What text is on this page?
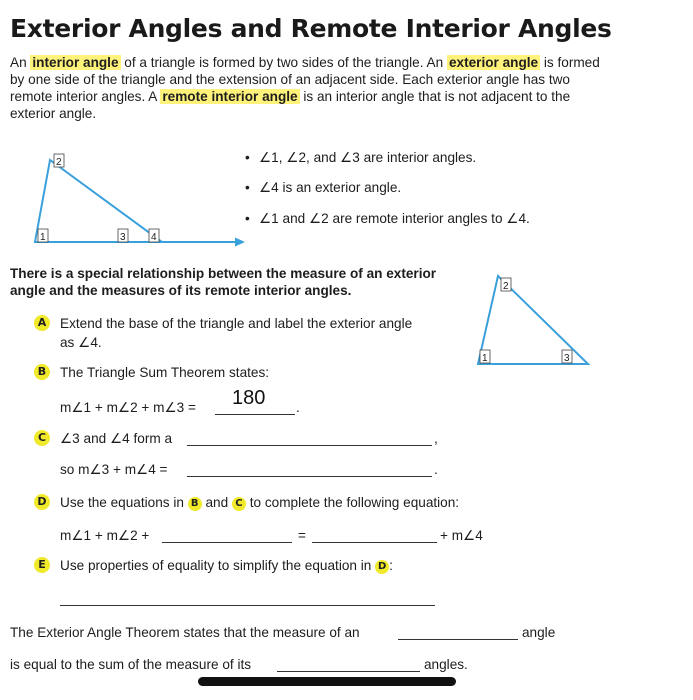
Exterior Angles and Remote Interior Angles

An interior angle of a triangle is formed by two sides of the triangle. An exterior angle is formed by one side of the triangle and the extension of an adjacent side. Each exterior angle has two remote interior angles. A remote interior angle is an interior angle that is not adjacent to the exterior angle.

2
1	3	4
• ∠1, ∠2, and ∠3 are interior angles.
• ∠4 is an exterior angle.
• ∠1 and ∠2 are remote interior angles to ∠4.

There is a special relationship between the measure of an exterior angle and the measures of its remote interior angles.	2
1	3
A Extend the base of the triangle and label the exterior angle
as ∠4.
B The Triangle Sum Theorem states:
m∠1 + m∠2 + m∠3 = 180 .
C ∠3 and ∠4 form a	,
so m∠3 + m∠4 =	.
D Use the equations in B and C to complete the following equation:
m∠1 + m∠2 +	=	+ m∠4
E	Use properties of equality to simplify the equation in D :
The Exterior Angle Theorem states that the measure of an	angle
is equal to the sum of the measure of its	angles.
